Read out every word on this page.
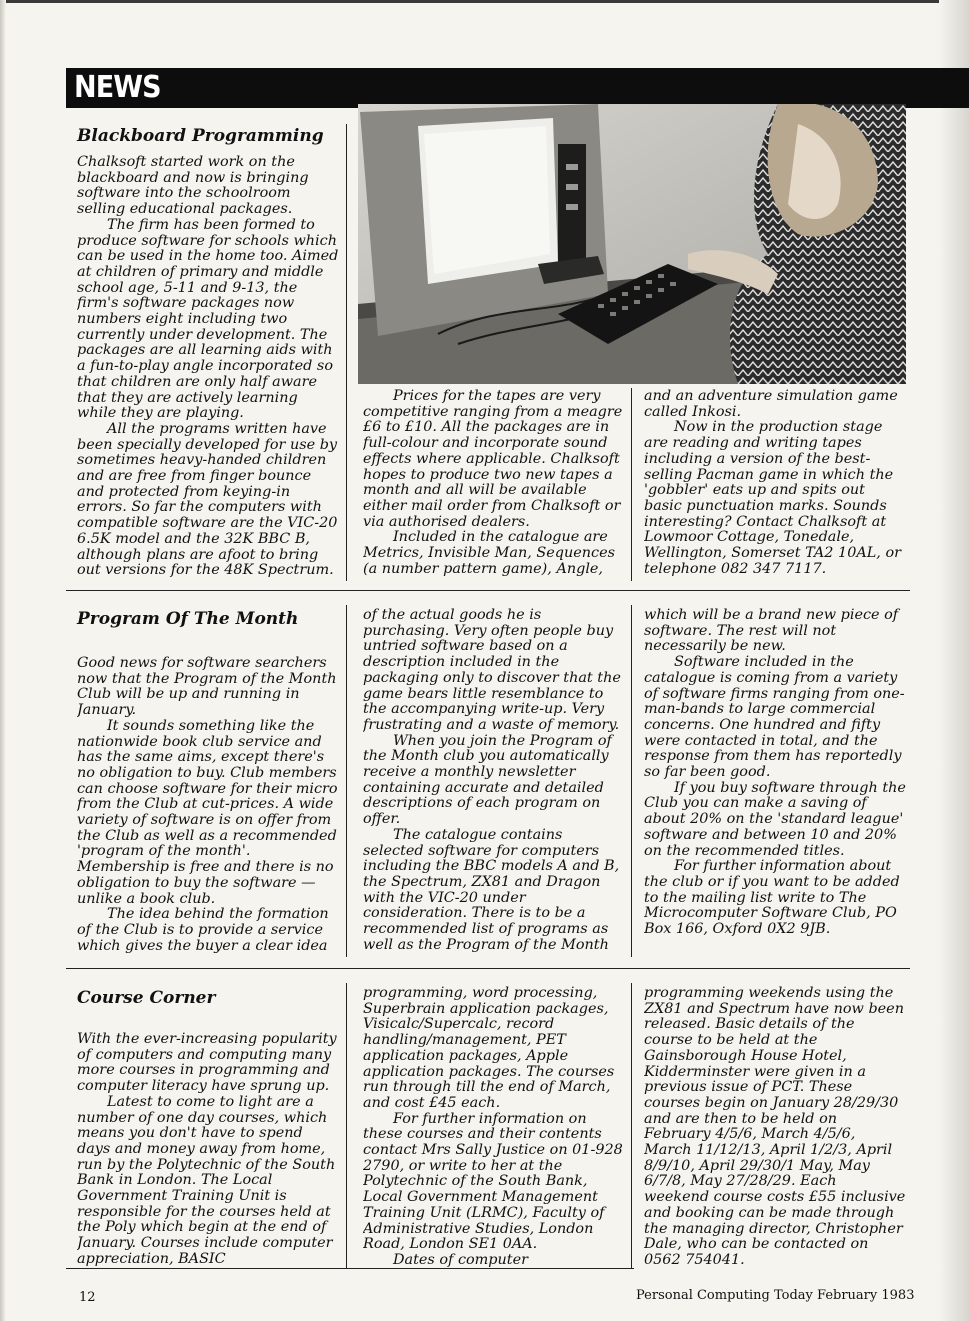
NEWS
Blackboard Programming

Chalksoft started work on the blackboard and now is bringing software into the schoolroom selling educational packages.

The firm has been formed to produce software for schools which can be used in the home too. Aimed at children of primary and middle school age, 5-11 and 9-13, the firm's software packages now numbers eight including two currently under development. The packages are all learning aids with a fun-to-play angle incorporated so that children are only half aware that they are actively learning while they are playing.

All the programs written have been specially developed for use by sometimes heavy-handed children and are free from finger bounce and protected from keying-in errors. So far the computers with compatible software are the VIC-20 6.5K model and the 32K BBC B, although plans are afoot to bring out versions for the 48K Spectrum.

Prices for the tapes are very competitive ranging from a meagre £6 to £10. All the packages are in full-colour and incorporate sound effects where applicable. Chalksoft hopes to produce two new tapes a month and all will be available either mail order from Chalksoft or via authorised dealers.

Included in the catalogue are Metrics, Invisible Man, Sequences (a number pattern game), Angle,

and an adventure simulation game called Inkosi.

Now in the production stage are reading and writing tapes including a version of the best-selling Pacman game in which the 'gobbler' eats up and spits out basic punctuation marks. Sounds interesting? Contact Chalksoft at Lowmoor Cottage, Tonedale, Wellington, Somerset TA2 10AL, or telephone 082 347 7117.

Program Of The Month

Good news for software searchers now that the Program of the Month Club will be up and running in January.

It sounds something like the nationwide book club service and has the same aims, except there's no obligation to buy. Club members can choose software for their micro from the Club at cut-prices. A wide variety of software is on offer from the Club as well as a recommended 'program of the month'. Membership is free and there is no obligation to buy the software — unlike a book club.

The idea behind the formation of the Club is to provide a service which gives the buyer a clear idea

of the actual goods he is purchasing. Very often people buy untried software based on a description included in the packaging only to discover that the game bears little resemblance to the accompanying write-up. Very frustrating and a waste of memory.

When you join the Program of the Month club you automatically receive a monthly newsletter containing accurate and detailed descriptions of each program on offer.

The catalogue contains selected software for computers including the BBC models A and B, the Spectrum, ZX81 and Dragon with the VIC-20 under consideration. There is to be a recommended list of programs as well as the Program of the Month

which will be a brand new piece of software. The rest will not necessarily be new.

Software included in the catalogue is coming from a variety of software firms ranging from one-man-bands to large commercial concerns. One hundred and fifty were contacted in total, and the response from them has reportedly so far been good.

If you buy software through the Club you can make a saving of about 20% on the 'standard league' software and between 10 and 20% on the recommended titles.

For further information about the club or if you want to be added to the mailing list write to The Microcomputer Software Club, PO Box 166, Oxford 0X2 9JB.

Course Corner

With the ever-increasing popularity of computers and computing many more courses in programming and computer literacy have sprung up.

Latest to come to light are a number of one day courses, which means you don't have to spend days and money away from home, run by the Polytechnic of the South Bank in London. The Local Government Training Unit is responsible for the courses held at the Poly which begin at the end of January. Courses include computer appreciation, BASIC

programming, word processing, Superbrain application packages, Visicalc/Supercalc, record handling/management, PET application packages, Apple application packages. The courses run through till the end of March, and cost £45 each.

For further information on these courses and their contents contact Mrs Sally Justice on 01-928 2790, or write to her at the Polytechnic of the South Bank, Local Government Management Training Unit (LRMC), Faculty of Administrative Studies, London Road, London SE1 0AA.

Dates of computer

programming weekends using the ZX81 and Spectrum have now been released. Basic details of the course to be held at the Gainsborough House Hotel, Kidderminster were given in a previous issue of PCT. These courses begin on January 28/29/30 and are then to be held on February 4/5/6, March 4/5/6, March 11/12/13, April 1/2/3, April 8/9/10, April 29/30/1 May, May 6/7/8, May 27/28/29. Each weekend course costs £55 inclusive and booking can be made through the managing director, Christopher Dale, who can be contacted on 0562 754041.

12	Personal Computing Today February 1983
